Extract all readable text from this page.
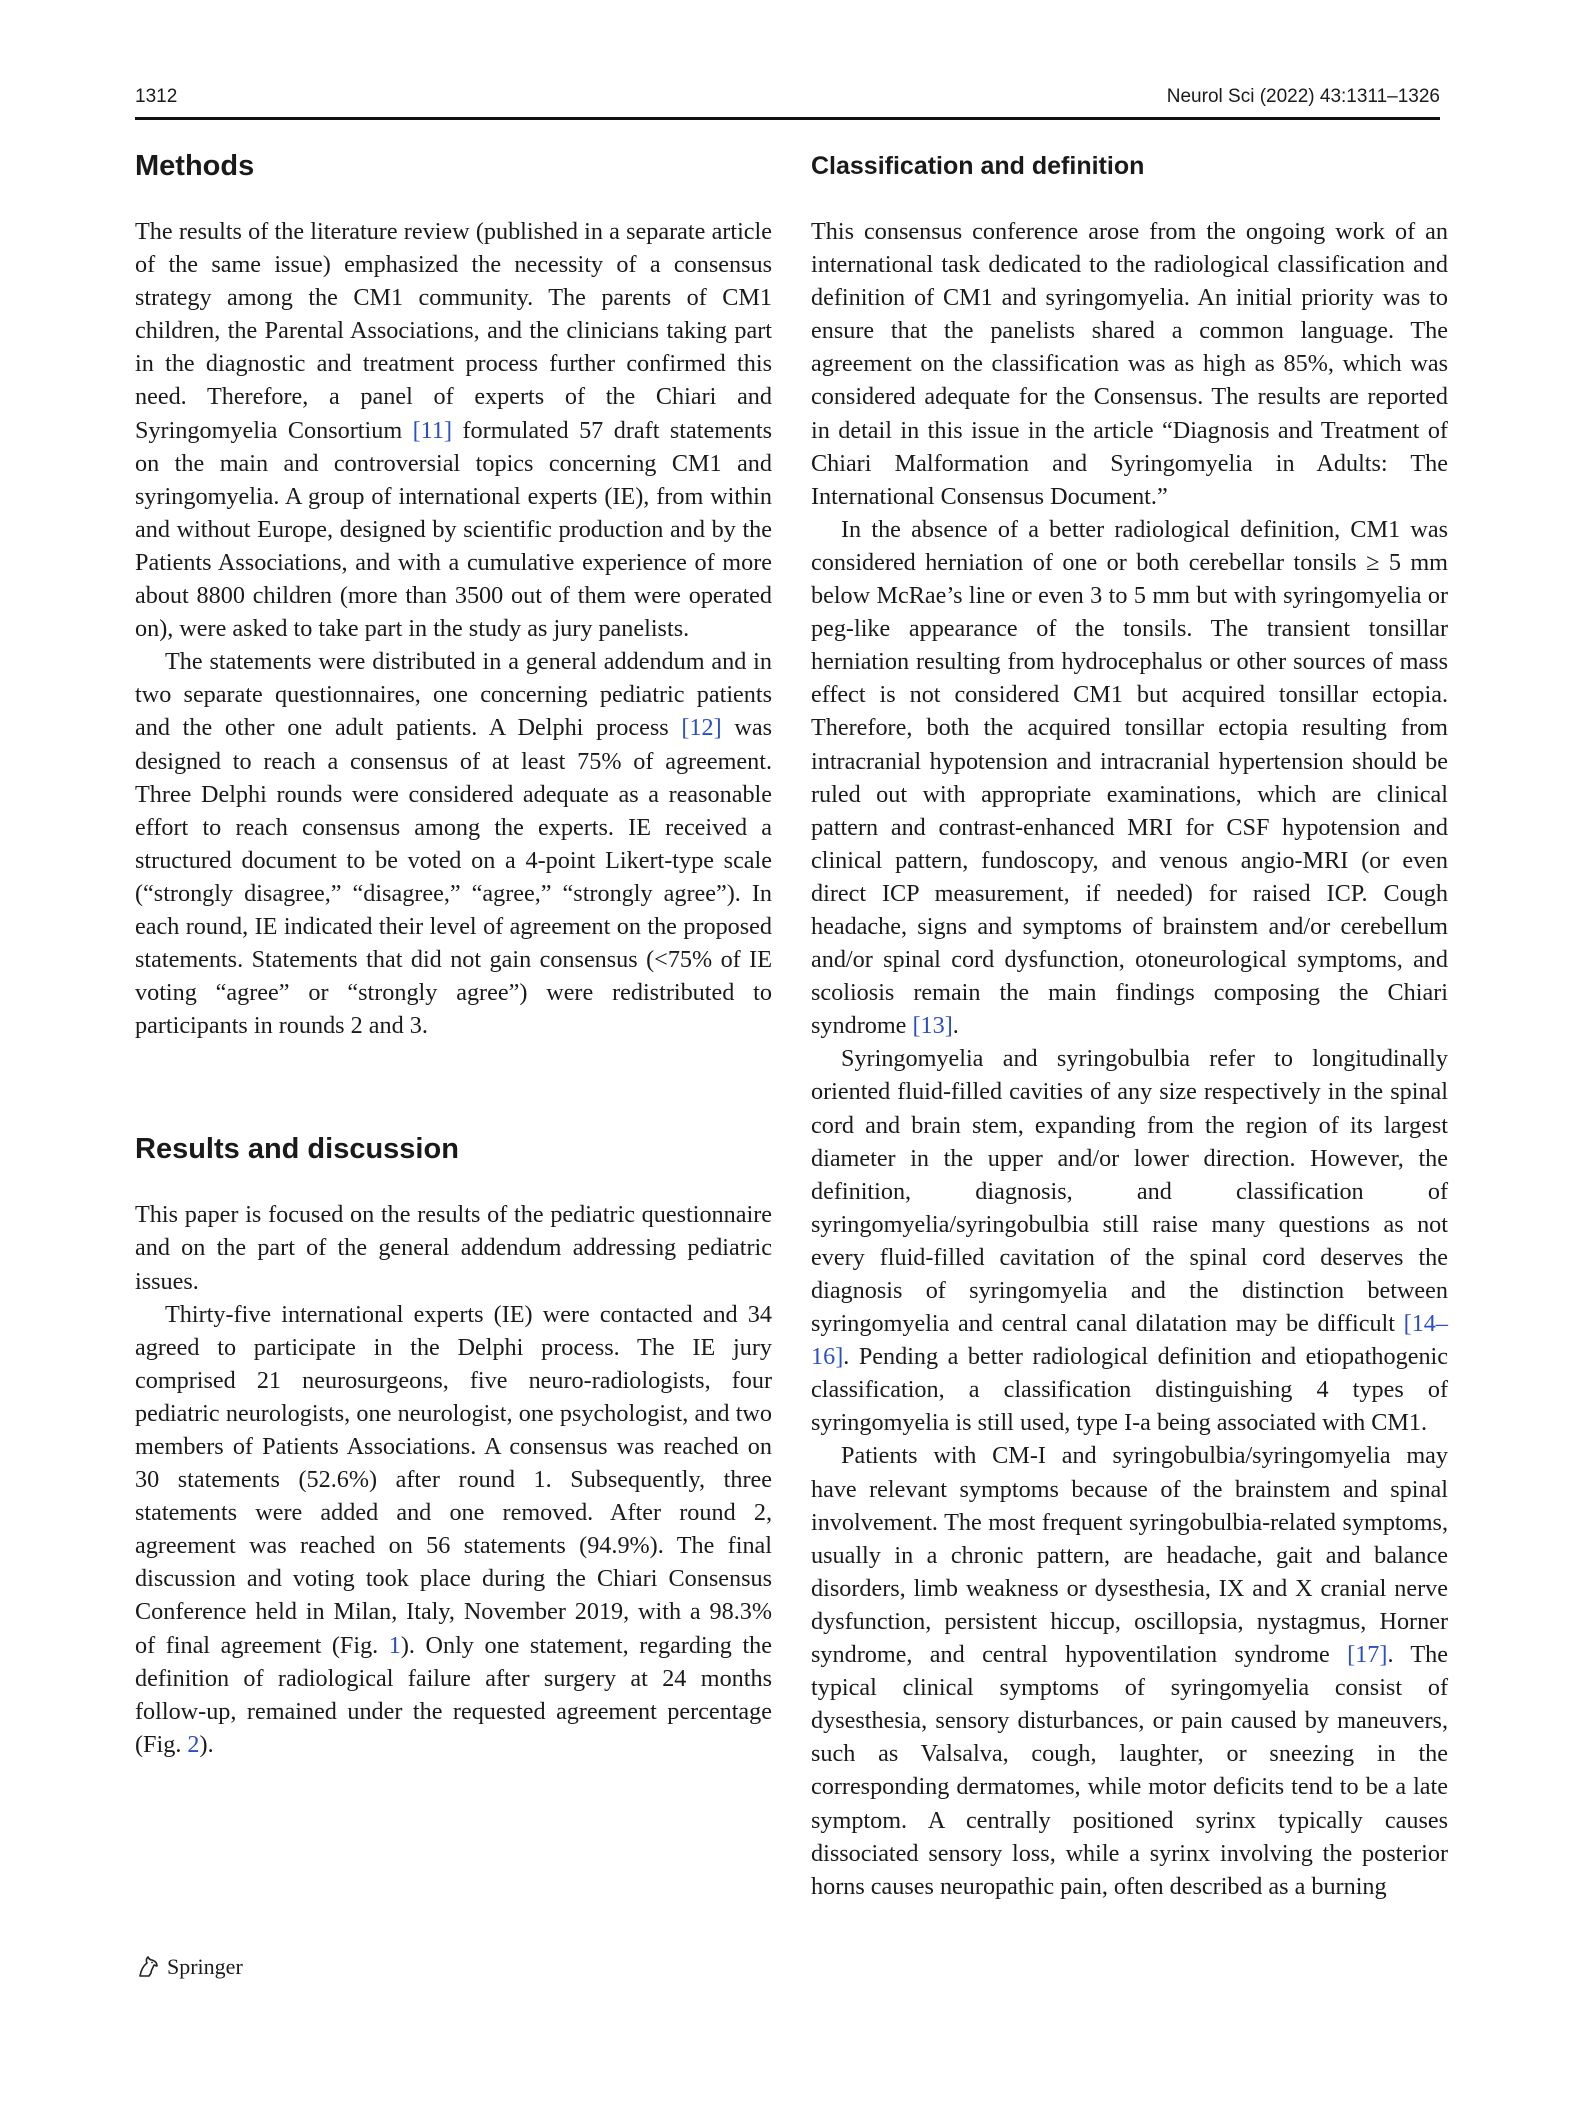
1312	Neurol Sci (2022) 43:1311–1326
Methods

The results of the literature review (published in a separate article of the same issue) emphasized the necessity of a consensus strategy among the CM1 community. The parents of CM1 children, the Parental Associations, and the clinicians taking part in the diagnostic and treatment process further confirmed this need. Therefore, a panel of experts of the Chiari and Syringomyelia Consortium [11] formulated 57 draft statements on the main and controversial topics concerning CM1 and syringomyelia. A group of international experts (IE), from within and without Europe, designed by scientific production and by the Patients Associations, and with a cumulative experience of more about 8800 children (more than 3500 out of them were operated on), were asked to take part in the study as jury panelists.

The statements were distributed in a general addendum and in two separate questionnaires, one concerning pediatric patients and the other one adult patients. A Delphi process [12] was designed to reach a consensus of at least 75% of agreement. Three Delphi rounds were considered adequate as a reasonable effort to reach consensus among the experts. IE received a structured document to be voted on a 4-point Likert-type scale (“strongly disagree,” “disagree,” “agree,” “strongly agree”). In each round, IE indicated their level of agreement on the proposed statements. Statements that did not gain consensus (<75% of IE voting “agree” or “strongly agree”) were redistributed to participants in rounds 2 and 3.

Results and discussion

This paper is focused on the results of the pediatric questionnaire and on the part of the general addendum addressing pediatric issues.

Thirty-five international experts (IE) were contacted and 34 agreed to participate in the Delphi process. The IE jury comprised 21 neurosurgeons, five neuro-radiologists, four pediatric neurologists, one neurologist, one psychologist, and two members of Patients Associations. A consensus was reached on 30 statements (52.6%) after round 1. Subsequently, three statements were added and one removed. After round 2, agreement was reached on 56 statements (94.9%). The final discussion and voting took place during the Chiari Consensus Conference held in Milan, Italy, November 2019, with a 98.3% of final agreement (Fig. 1). Only one statement, regarding the definition of radiological failure after surgery at 24 months follow-up, remained under the requested agreement percentage (Fig. 2).

Classification and definition

This consensus conference arose from the ongoing work of an international task dedicated to the radiological classification and definition of CM1 and syringomyelia. An initial priority was to ensure that the panelists shared a common language. The agreement on the classification was as high as 85%, which was considered adequate for the Consensus. The results are reported in detail in this issue in the article “Diagnosis and Treatment of Chiari Malformation and Syringomyelia in Adults: The International Consensus Document.”

In the absence of a better radiological definition, CM1 was considered herniation of one or both cerebellar tonsils ≥ 5 mm below McRae’s line or even 3 to 5 mm but with syringomyelia or peg-like appearance of the tonsils. The transient tonsillar herniation resulting from hydrocephalus or other sources of mass effect is not considered CM1 but acquired tonsillar ectopia. Therefore, both the acquired tonsillar ectopia resulting from intracranial hypotension and intracranial hypertension should be ruled out with appropriate examinations, which are clinical pattern and contrast-enhanced MRI for CSF hypotension and clinical pattern, fundoscopy, and venous angio-MRI (or even direct ICP measurement, if needed) for raised ICP. Cough headache, signs and symptoms of brainstem and/or cerebellum and/or spinal cord dysfunction, otoneurological symptoms, and scoliosis remain the main findings composing the Chiari syndrome [13].

Syringomyelia and syringobulbia refer to longitudinally oriented fluid-filled cavities of any size respectively in the spinal cord and brain stem, expanding from the region of its largest diameter in the upper and/or lower direction. However, the definition, diagnosis, and classification of syringomyelia/syringobulbia still raise many questions as not every fluid-filled cavitation of the spinal cord deserves the diagnosis of syringomyelia and the distinction between syringomyelia and central canal dilatation may be difficult [14–16]. Pending a better radiological definition and etiopathogenic classification, a classification distinguishing 4 types of syringomyelia is still used, type I-a being associated with CM1.

Patients with CM-I and syringobulbia/syringomyelia may have relevant symptoms because of the brainstem and spinal involvement. The most frequent syringobulbia-related symptoms, usually in a chronic pattern, are headache, gait and balance disorders, limb weakness or dysesthesia, IX and X cranial nerve dysfunction, persistent hiccup, oscillopsia, nystagmus, Horner syndrome, and central hypoventilation syndrome [17]. The typical clinical symptoms of syringomyelia consist of dysesthesia, sensory disturbances, or pain caused by maneuvers, such as Valsalva, cough, laughter, or sneezing in the corresponding dermatomes, while motor deficits tend to be a late symptom. A centrally positioned syrinx typically causes dissociated sensory loss, while a syrinx involving the posterior horns causes neuropathic pain, often described as a burning

Springer
